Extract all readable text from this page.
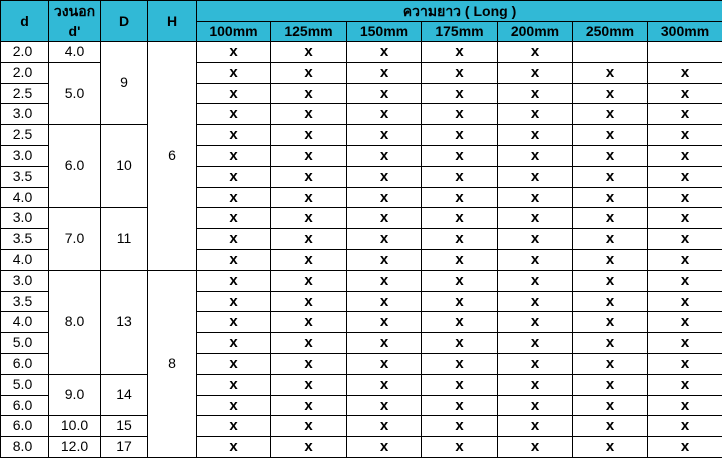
d	วงนอก
d'	D	H	ความยาว ( Long )						
				100mm	125mm	150mm	175mm	200mm	250mm	300mm
2.0	4.0	9	6	x	x	x	x	x		
2.0	5.0			x	x	x	x	x	x	x
2.5				x	x	x	x	x	x	x
3.0				x	x	x	x	x	x	x
2.5	6.0	10		x	x	x	x	x	x	x
3.0				x	x	x	x	x	x	x
3.5				x	x	x	x	x	x	x
4.0				x	x	x	x	x	x	x
3.0	7.0	11		x	x	x	x	x	x	x
3.5				x	x	x	x	x	x	x
4.0				x	x	x	x	x	x	x
3.0	8.0	13	8	x	x	x	x	x	x	x
3.5				x	x	x	x	x	x	x
4.0				x	x	x	x	x	x	x
5.0				x	x	x	x	x	x	x
6.0				x	x	x	x	x	x	x
5.0	9.0	14		x	x	x	x	x	x	x
6.0				x	x	x	x	x	x	x
6.0	10.0	15		x	x	x	x	x	x	x
8.0	12.0	17		x	x	x	x	x	x	x
